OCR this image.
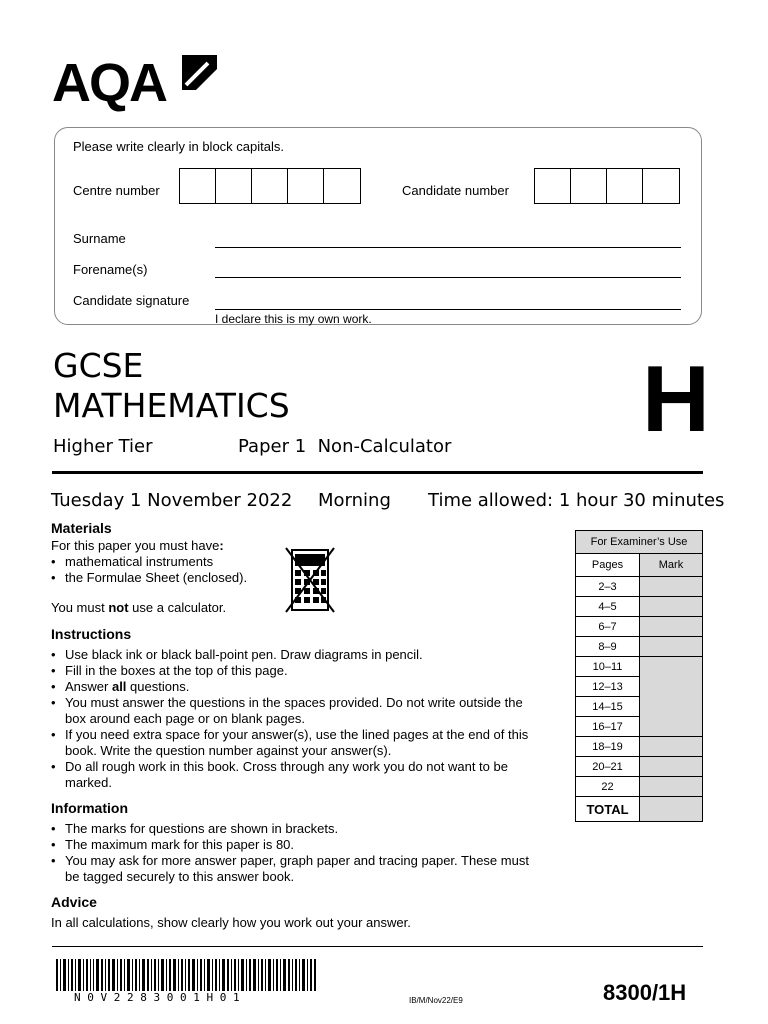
AQA
Please write clearly in block capitals.
Centre number	Candidate number
Surname
Forename(s)
Candidate signature
I declare this is my own work.
GCSE
MATHEMATICS	H
Higher Tier	Paper 1  Non-Calculator
Tuesday 1 November 2022 Morning Time allowed: 1 hour 30 minutes
Materials
For this paper you must have:
• mathematical instruments
• the Formulae Sheet (enclosed).
You must not use a calculator.
Instructions
• Use black ink or black ball-point pen. Draw diagrams in pencil.
• Fill in the boxes at the top of this page.
• Answer all questions.
• You must answer the questions in the spaces provided. Do not write outside the box around each page or on blank pages.
• If you need extra space for your answer(s), use the lined pages at the end of this book. Write the question number against your answer(s).
• Do all rough work in this book. Cross through any work you do not want to be marked.
Information
• The marks for questions are shown in brackets.
• The maximum mark for this paper is 80.
• You may ask for more answer paper, graph paper and tracing paper. These must be tagged securely to this answer book.
Advice
In all calculations, show clearly how you work out your answer.
For Examiner’s Use	
Pages	Mark
2–3	
4–5	
6–7	
8–9	
10–11	
12–13	
14–15	
16–17	
18–19	
20–21	
22	
TOTAL	
N 0 V 2 2 8 3 0 0 1 H 0 1	IB/M/Nov22/E9	8300/1H
